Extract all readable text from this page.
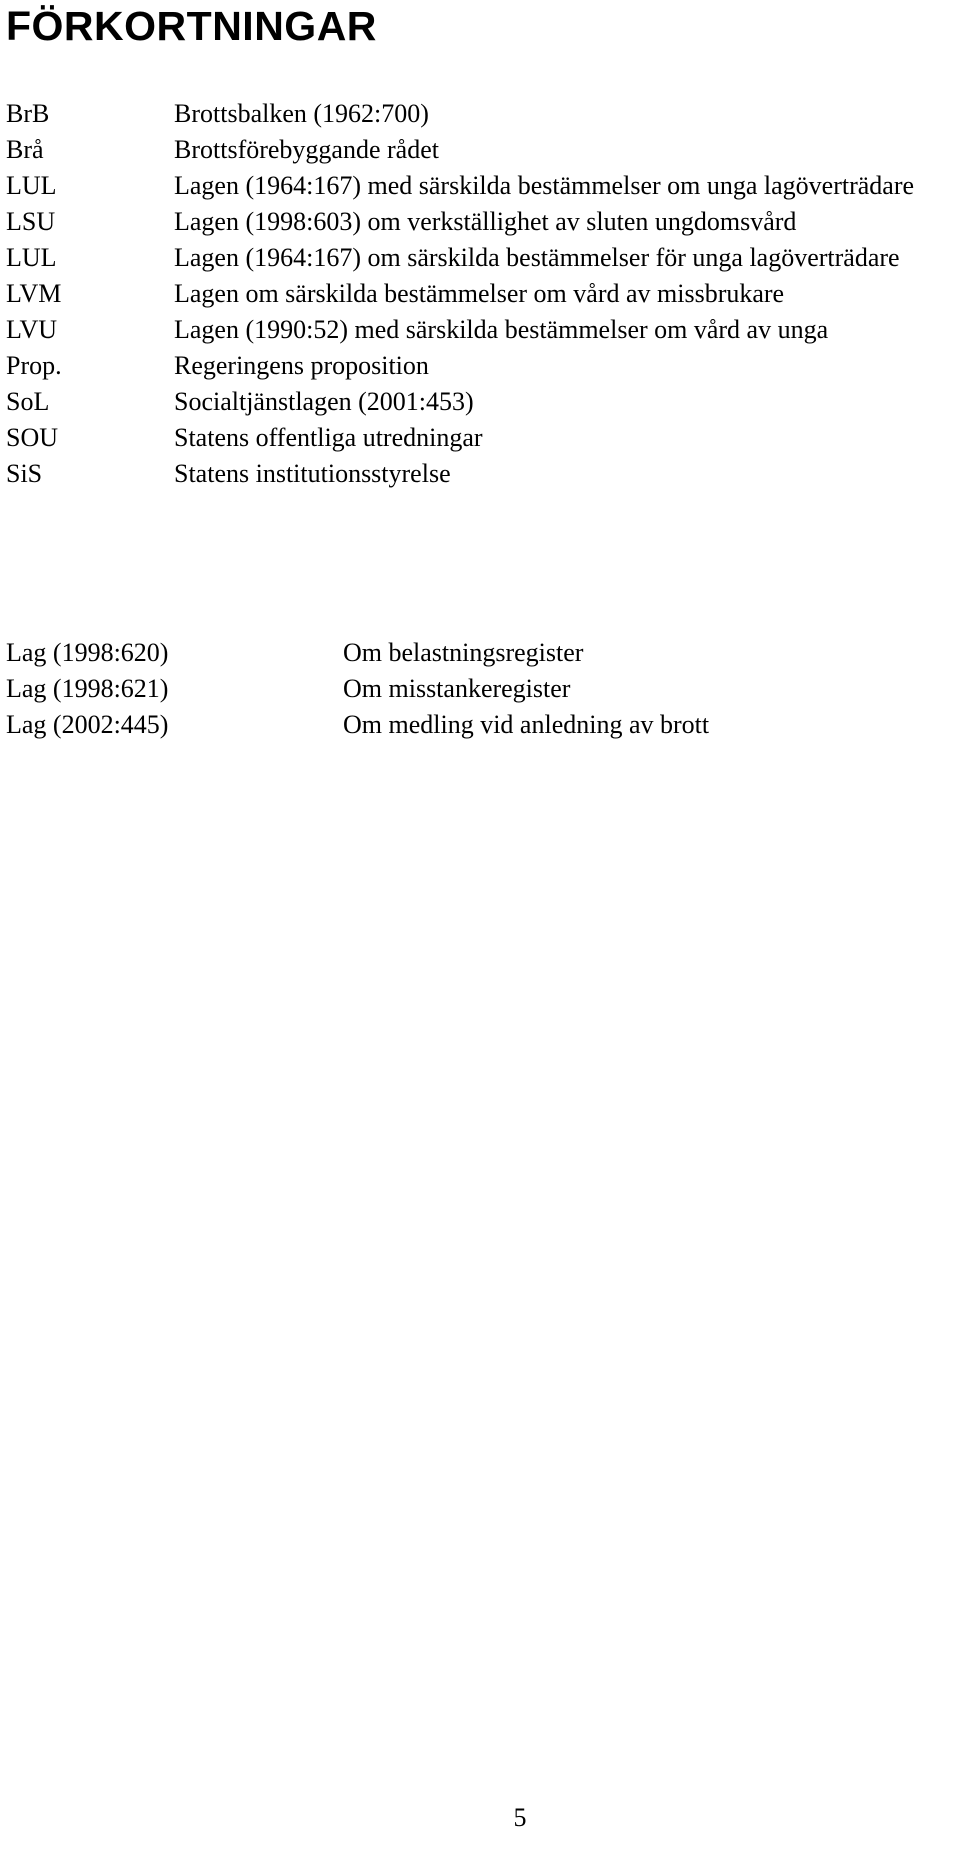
FÖRKORTNINGAR
BrB	Brottsbalken (1962:700)
Brå	Brottsförebyggande rådet
LUL	Lagen (1964:167) med särskilda bestämmelser om unga lagöverträdare
LSU	Lagen (1998:603) om verkställighet av sluten ungdomsvård
LUL	Lagen (1964:167) om särskilda bestämmelser för unga lagöverträdare
LVM	Lagen om särskilda bestämmelser om vård av missbrukare
LVU	Lagen (1990:52) med särskilda bestämmelser om vård av unga
Prop.	Regeringens proposition
SoL	Socialtjänstlagen (2001:453)
SOU	Statens offentliga utredningar
SiS	Statens institutionsstyrelse
Lag (1998:620)	Om belastningsregister
Lag (1998:621)	Om misstankeregister
Lag (2002:445)	Om medling vid anledning av brott
5
